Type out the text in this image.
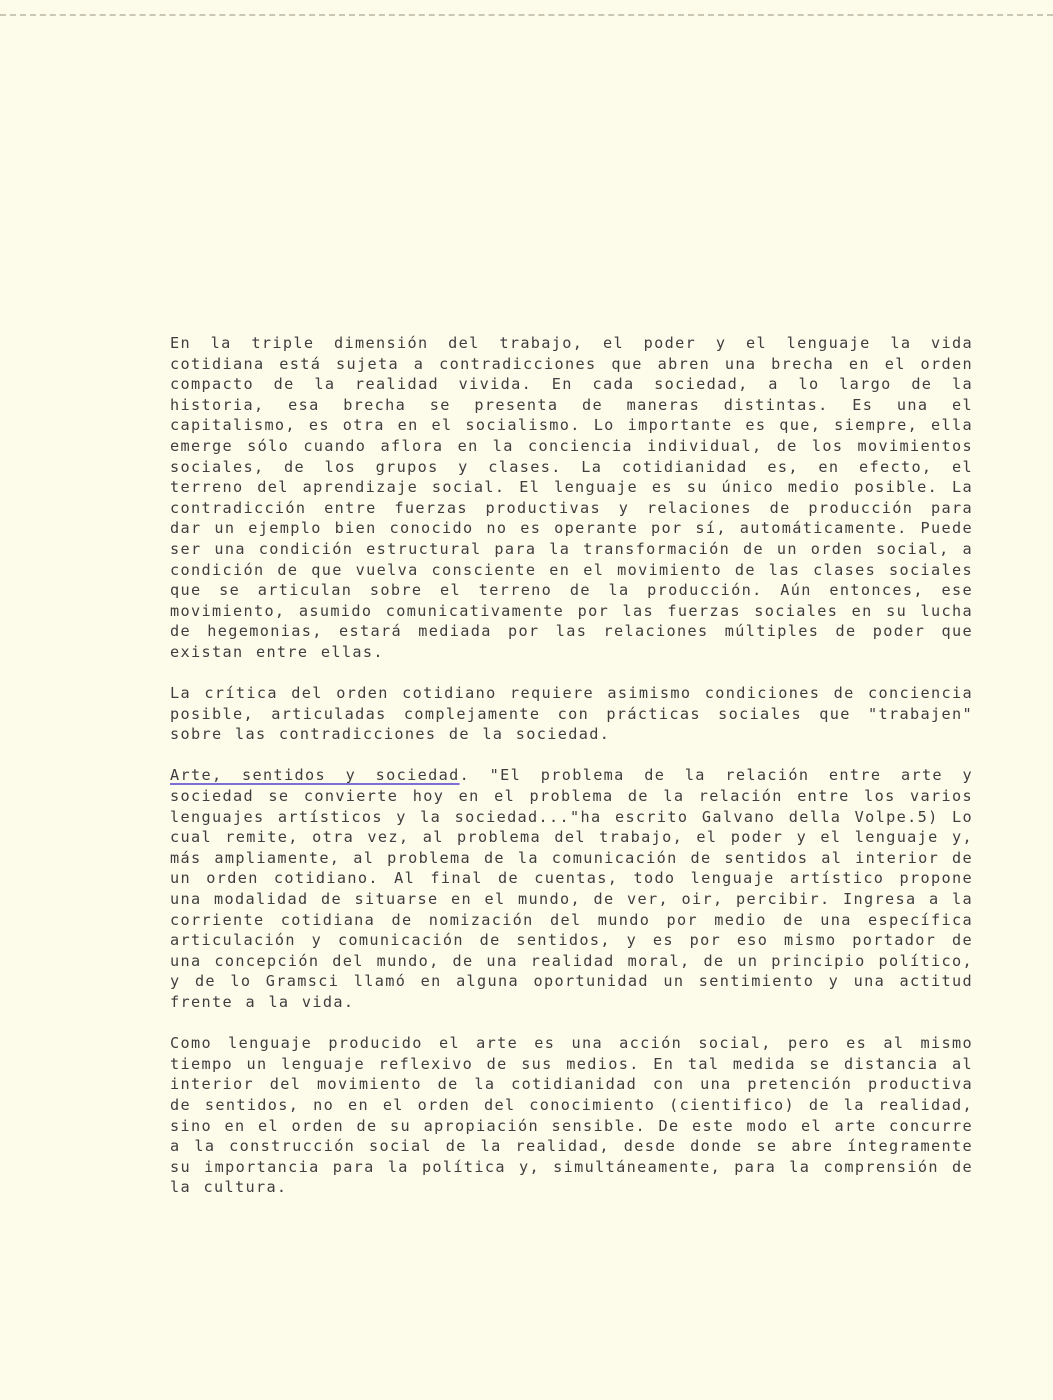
En la triple dimensión del trabajo, el poder y el lenguaje la vida cotidiana está sujeta a contradicciones que abren una brecha en el orden compacto de la realidad vivida. En cada sociedad, a lo largo de la historia, esa brecha se presenta de maneras distintas. Es una el capitalismo, es otra en el socialismo. Lo importante es que, siempre, ella emerge sólo cuando aflora en la conciencia individual, de los movimientos sociales, de los grupos y clases. La cotidianidad es, en efecto, el terreno del aprendizaje social. El lenguaje es su único medio posible. La contradicción entre fuerzas productivas y relaciones de producción para dar un ejemplo bien conocido no es operante por sí, automáticamente. Puede ser una condición estructural para la transformación de un orden social, a condición de que vuelva consciente en el movimiento de las clases sociales que se articulan sobre el terreno de la producción. Aún entonces, ese movimiento, asumido comunicativamente por las fuerzas sociales en su lucha de hegemonias, estará mediada por las relaciones múltiples de poder que existan entre ellas.

La crítica del orden cotidiano requiere asimismo condiciones de conciencia posible, articuladas complejamente con prácticas sociales que "trabajen" sobre las contradicciones de la sociedad.

Arte, sentidos y sociedad. "El problema de la relación entre arte y sociedad se convierte hoy en el problema de la relación entre los varios lenguajes artísticos y la sociedad..."ha escrito Galvano della Volpe.5) Lo cual remite, otra vez, al problema del trabajo, el poder y el lenguaje y, más ampliamente, al problema de la comunicación de sentidos al interior de un orden cotidiano. Al final de cuentas, todo lenguaje artístico propone una modalidad de situarse en el mundo, de ver, oir, percibir. Ingresa a la corriente cotidiana de nomización del mundo por medio de una específica articulación y comunicación de sentidos, y es por eso mismo portador de una concepción del mundo, de una realidad moral, de un principio político, y de lo Gramsci llamó en alguna oportunidad un sentimiento y una actitud frente a la vida.

Como lenguaje producido el arte es una acción social, pero es al mismo tiempo un lenguaje reflexivo de sus medios. En tal medida se distancia al interior del movimiento de la cotidianidad con una pretención productiva de sentidos, no en el orden del conocimiento (cientifico) de la realidad, sino en el orden de su apropiación sensible. De este modo el arte concurre a la construcción social de la realidad, desde donde se abre íntegramente su importancia para la política y, simultáneamente, para la comprensión de la cultura.
